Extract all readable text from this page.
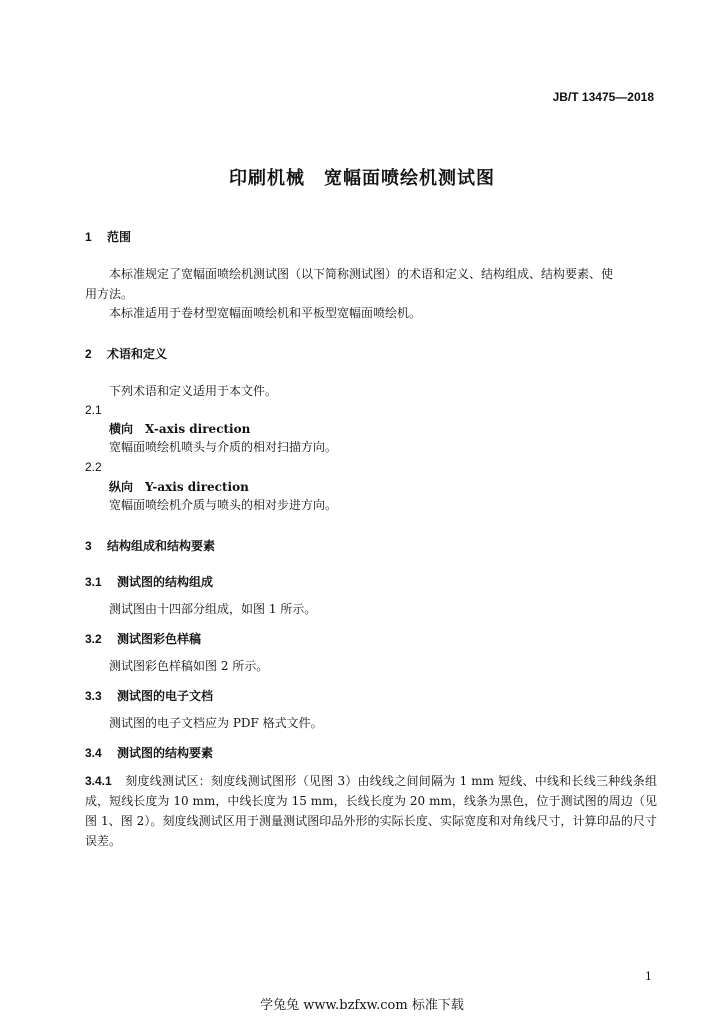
JB/T 13475—2018
印刷机械　宽幅面喷绘机测试图
1 范围
本标准规定了宽幅面喷绘机测试图（以下简称测试图）的术语和定义、结构组成、结构要素、使
用方法。
本标准适用于卷材型宽幅面喷绘机和平板型宽幅面喷绘机。
2 术语和定义
下列术语和定义适用于本文件。
2.1
横向　X-axis direction
宽幅面喷绘机喷头与介质的相对扫描方向。
2.2
纵向　Y-axis direction
宽幅面喷绘机介质与喷头的相对步进方向。
3 结构组成和结构要素
3.1 测试图的结构组成
测试图由十四部分组成，如图 1 所示。
3.2 测试图彩色样稿
测试图彩色样稿如图 2 所示。
3.3 测试图的电子文档
测试图的电子文档应为 PDF 格式文件。
3.4 测试图的结构要素
3.4.1 刻度线测试区：刻度线测试图形（见图 3）由线线之间间隔为 1 mm 短线、中线和长线三种线条组成，短线长度为 10 mm，中线长度为 15 mm，长线长度为 20 mm，线条为黑色，位于测试图的周边（见图 1、图 2）。刻度线测试区用于测量测试图印品外形的实际长度、实际宽度和对角线尺寸，计算印品的尺寸误差。
1
学兔兔 www.bzfxw.com 标准下载
